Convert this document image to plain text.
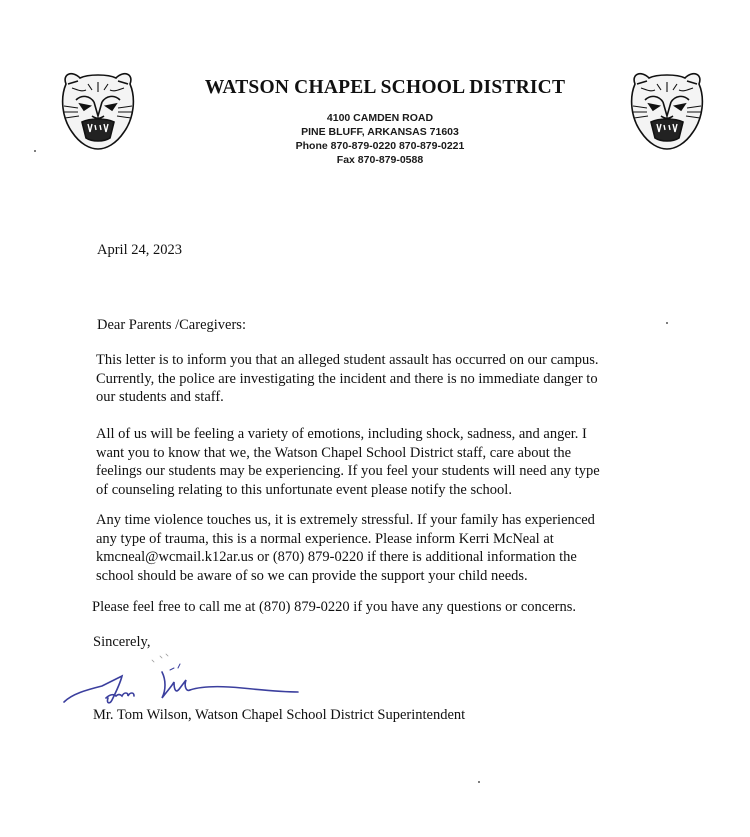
WATSON CHAPEL SCHOOL DISTRICT
4100 CAMDEN ROAD
PINE BLUFF, ARKANSAS 71603
Phone 870-879-0220 870-879-0221
Fax 870-879-0588
April 24, 2023
Dear Parents /Caregivers:
This letter is to inform you that an alleged student assault has occurred on our campus.
Currently, the police are investigating the incident and there is no immediate danger to
our students and staff.
All of us will be feeling a variety of emotions, including shock, sadness, and anger. I
want you to know that we, the Watson Chapel School District staff, care about the
feelings our students may be experiencing. If you feel your students will need any type
of counseling relating to this unfortunate event please notify the school.
Any time violence touches us, it is extremely stressful. If your family has experienced
any type of trauma, this is a normal experience. Please inform Kerri McNeal at
kmcneal@wcmail.k12ar.us or (870) 879-0220 if there is additional information the
school should be aware of so we can provide the support your child needs.
Please feel free to call me at (870) 879-0220 if you have any questions or concerns.
Sincerely,
Mr. Tom Wilson, Watson Chapel School District Superintendent
